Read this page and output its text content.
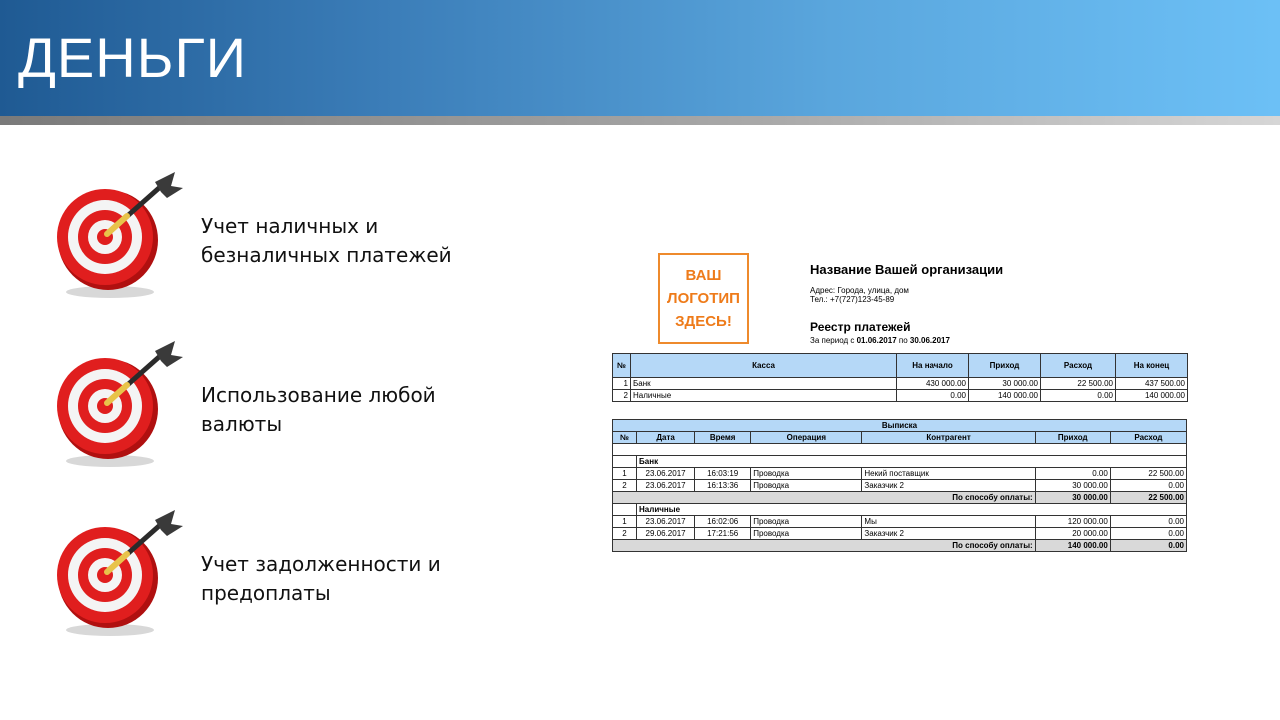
ДЕНЬГИ
Учет наличных и
безналичных платежей
Использование любой
валюты
Учет задолженности и
предоплаты
ВАШ
ЛОГОТИП
ЗДЕСЬ!
Название Вашей организации
Адрес: Города, улица, дом
Тел.: +7(727)123-45-89
Реестр платежей
За период с 01.06.2017 по 30.06.2017
№	Касса	На начало	Приход	Расход	На конец
1	Банк	430 000.00	30 000.00	22 500.00	437 500.00
2	Наличные	0.00	140 000.00	0.00	140 000.00
Выписка						
№	Дата	Время	Операция	Контрагент	Приход	Расход

	Банк					
1	23.06.2017	16:03:19	Проводка	Некий поставщик	0.00	22 500.00
2	23.06.2017	16:13:36	Проводка	Заказчик 2	30 000.00	0.00
По способу оплаты:					30 000.00	22 500.00
	Наличные					
1	23.06.2017	16:02:06	Проводка	Мы	120 000.00	0.00
2	29.06.2017	17:21:56	Проводка	Заказчик 2	20 000.00	0.00
По способу оплаты:					140 000.00	0.00
